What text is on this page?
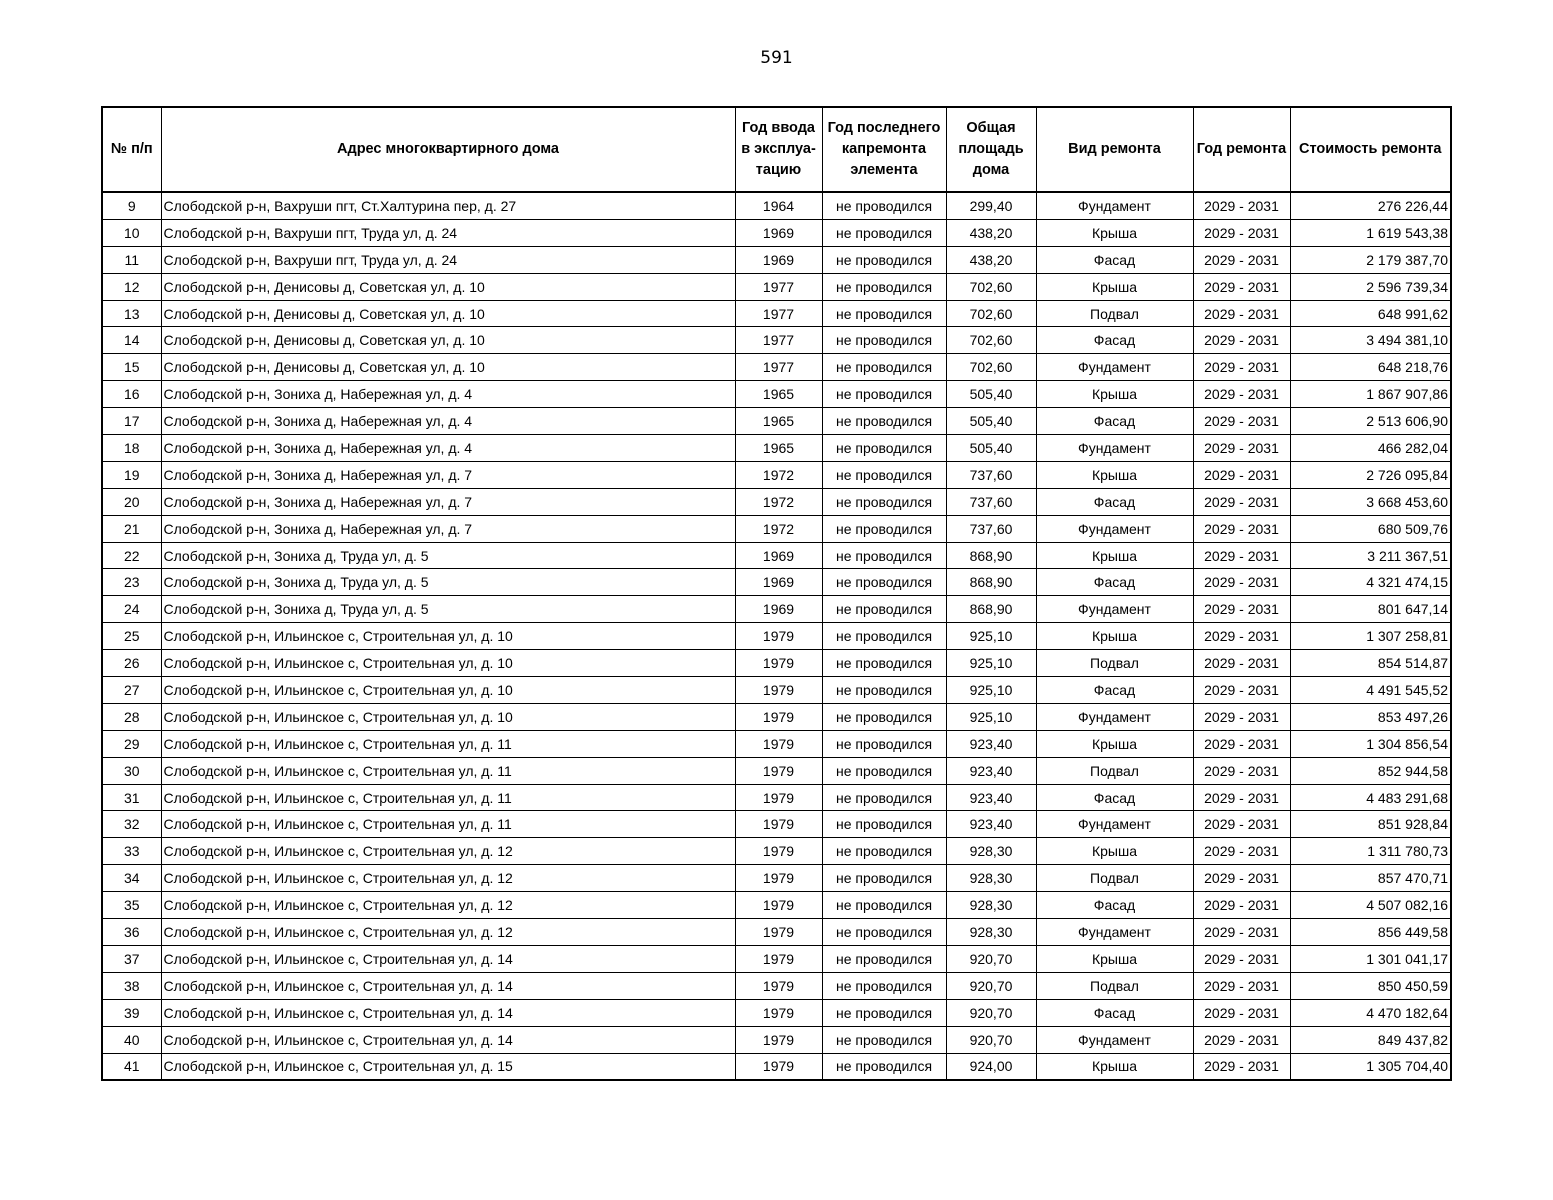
591
№ п/п	Адрес многоквартирного дома	Год ввода в эксплуа-тацию	Год последнего капремонта элемента	Общая площадь дома	Вид ремонта	Год ремонта	Стоимость ремонта
9	Слободской р-н, Вахруши пгт, Ст.Халтурина пер, д. 27	1964	не проводился	299,40	Фундамент	2029 - 2031	276 226,44
10	Слободской р-н, Вахруши пгт, Труда ул, д. 24	1969	не проводился	438,20	Крыша	2029 - 2031	1 619 543,38
11	Слободской р-н, Вахруши пгт, Труда ул, д. 24	1969	не проводился	438,20	Фасад	2029 - 2031	2 179 387,70
12	Слободской р-н, Денисовы д, Советская ул, д. 10	1977	не проводился	702,60	Крыша	2029 - 2031	2 596 739,34
13	Слободской р-н, Денисовы д, Советская ул, д. 10	1977	не проводился	702,60	Подвал	2029 - 2031	648 991,62
14	Слободской р-н, Денисовы д, Советская ул, д. 10	1977	не проводился	702,60	Фасад	2029 - 2031	3 494 381,10
15	Слободской р-н, Денисовы д, Советская ул, д. 10	1977	не проводился	702,60	Фундамент	2029 - 2031	648 218,76
16	Слободской р-н, Зониха д, Набережная ул, д. 4	1965	не проводился	505,40	Крыша	2029 - 2031	1 867 907,86
17	Слободской р-н, Зониха д, Набережная ул, д. 4	1965	не проводился	505,40	Фасад	2029 - 2031	2 513 606,90
18	Слободской р-н, Зониха д, Набережная ул, д. 4	1965	не проводился	505,40	Фундамент	2029 - 2031	466 282,04
19	Слободской р-н, Зониха д, Набережная ул, д. 7	1972	не проводился	737,60	Крыша	2029 - 2031	2 726 095,84
20	Слободской р-н, Зониха д, Набережная ул, д. 7	1972	не проводился	737,60	Фасад	2029 - 2031	3 668 453,60
21	Слободской р-н, Зониха д, Набережная ул, д. 7	1972	не проводился	737,60	Фундамент	2029 - 2031	680 509,76
22	Слободской р-н, Зониха д, Труда ул, д. 5	1969	не проводился	868,90	Крыша	2029 - 2031	3 211 367,51
23	Слободской р-н, Зониха д, Труда ул, д. 5	1969	не проводился	868,90	Фасад	2029 - 2031	4 321 474,15
24	Слободской р-н, Зониха д, Труда ул, д. 5	1969	не проводился	868,90	Фундамент	2029 - 2031	801 647,14
25	Слободской р-н, Ильинское с, Строительная ул, д. 10	1979	не проводился	925,10	Крыша	2029 - 2031	1 307 258,81
26	Слободской р-н, Ильинское с, Строительная ул, д. 10	1979	не проводился	925,10	Подвал	2029 - 2031	854 514,87
27	Слободской р-н, Ильинское с, Строительная ул, д. 10	1979	не проводился	925,10	Фасад	2029 - 2031	4 491 545,52
28	Слободской р-н, Ильинское с, Строительная ул, д. 10	1979	не проводился	925,10	Фундамент	2029 - 2031	853 497,26
29	Слободской р-н, Ильинское с, Строительная ул, д. 11	1979	не проводился	923,40	Крыша	2029 - 2031	1 304 856,54
30	Слободской р-н, Ильинское с, Строительная ул, д. 11	1979	не проводился	923,40	Подвал	2029 - 2031	852 944,58
31	Слободской р-н, Ильинское с, Строительная ул, д. 11	1979	не проводился	923,40	Фасад	2029 - 2031	4 483 291,68
32	Слободской р-н, Ильинское с, Строительная ул, д. 11	1979	не проводился	923,40	Фундамент	2029 - 2031	851 928,84
33	Слободской р-н, Ильинское с, Строительная ул, д. 12	1979	не проводился	928,30	Крыша	2029 - 2031	1 311 780,73
34	Слободской р-н, Ильинское с, Строительная ул, д. 12	1979	не проводился	928,30	Подвал	2029 - 2031	857 470,71
35	Слободской р-н, Ильинское с, Строительная ул, д. 12	1979	не проводился	928,30	Фасад	2029 - 2031	4 507 082,16
36	Слободской р-н, Ильинское с, Строительная ул, д. 12	1979	не проводился	928,30	Фундамент	2029 - 2031	856 449,58
37	Слободской р-н, Ильинское с, Строительная ул, д. 14	1979	не проводился	920,70	Крыша	2029 - 2031	1 301 041,17
38	Слободской р-н, Ильинское с, Строительная ул, д. 14	1979	не проводился	920,70	Подвал	2029 - 2031	850 450,59
39	Слободской р-н, Ильинское с, Строительная ул, д. 14	1979	не проводился	920,70	Фасад	2029 - 2031	4 470 182,64
40	Слободской р-н, Ильинское с, Строительная ул, д. 14	1979	не проводился	920,70	Фундамент	2029 - 2031	849 437,82
41	Слободской р-н, Ильинское с, Строительная ул, д. 15	1979	не проводился	924,00	Крыша	2029 - 2031	1 305 704,40
